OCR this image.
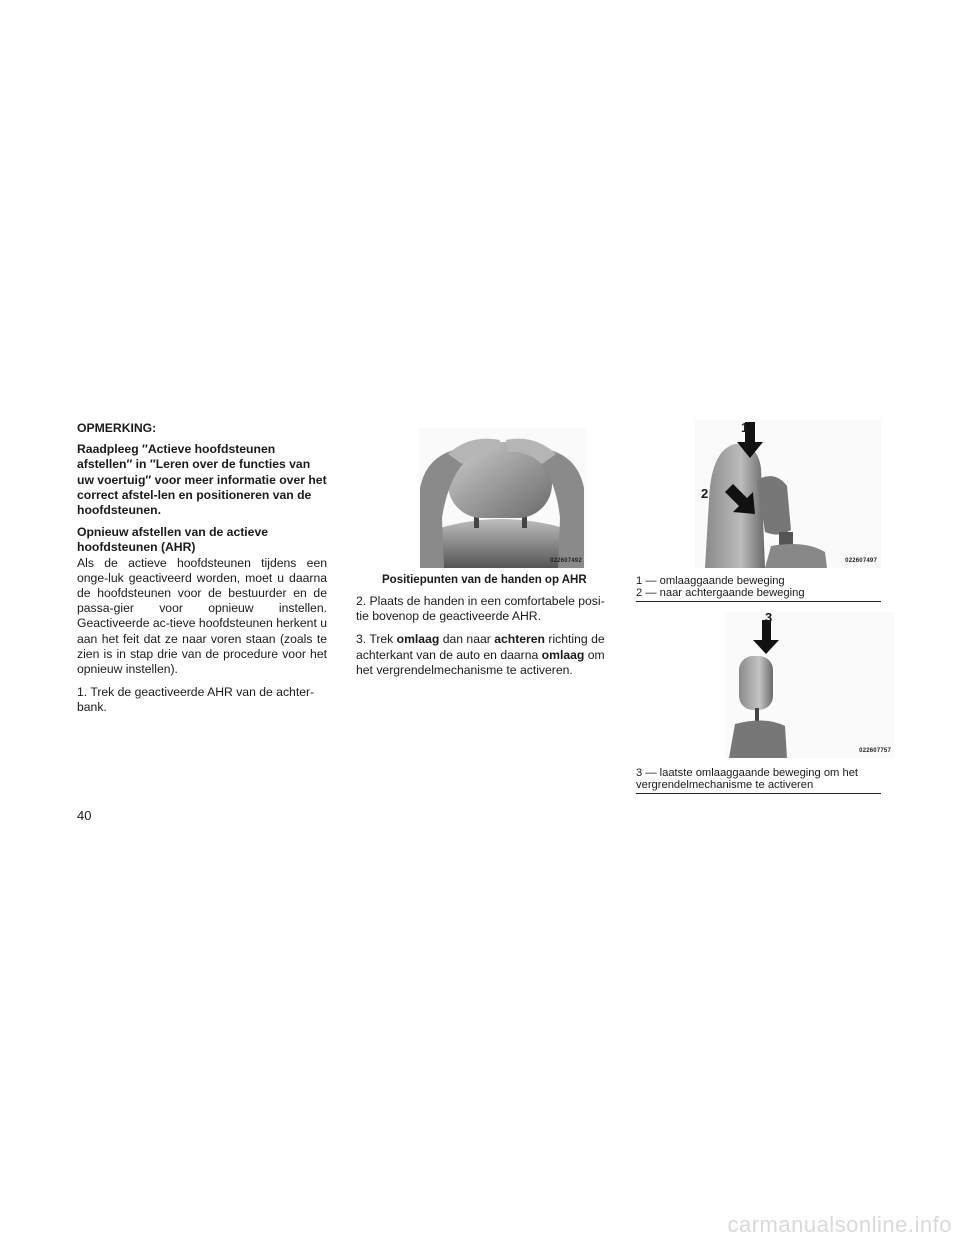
OPMERKING:

Raadpleeg ″Actieve hoofdsteunen afstellen″ in ″Leren over de functies van uw voertuig″ voor meer informatie over het correct afstel-len en positioneren van de hoofdsteunen.

Opnieuw afstellen van de actieve
hoofdsteunen (AHR)

Als de actieve hoofdsteunen tijdens een onge-luk geactiveerd worden, moet u daarna de hoofdsteunen voor de bestuurder en de passa-gier voor opnieuw instellen. Geactiveerde ac-tieve hoofdsteunen herkent u aan het feit dat ze naar voren staan (zoals te zien is in stap drie van de procedure voor het opnieuw instellen).

1. Trek de geactiveerde AHR van de achter-bank.

022607492
Positiepunten van de handen op AHR

2. Plaats de handen in een comfortabele posi-tie bovenop de geactiveerde AHR.

3. Trek omlaag dan naar achteren richting de achterkant van de auto en daarna omlaag om het vergrendelmechanisme te activeren.

022607497
1
2
1 — omlaaggaande beweging
2 — naar achtergaande beweging
022607757
3
3 — laatste omlaaggaande beweging om het
vergrendelmechanisme te activeren
40
carmanualsonline.info
